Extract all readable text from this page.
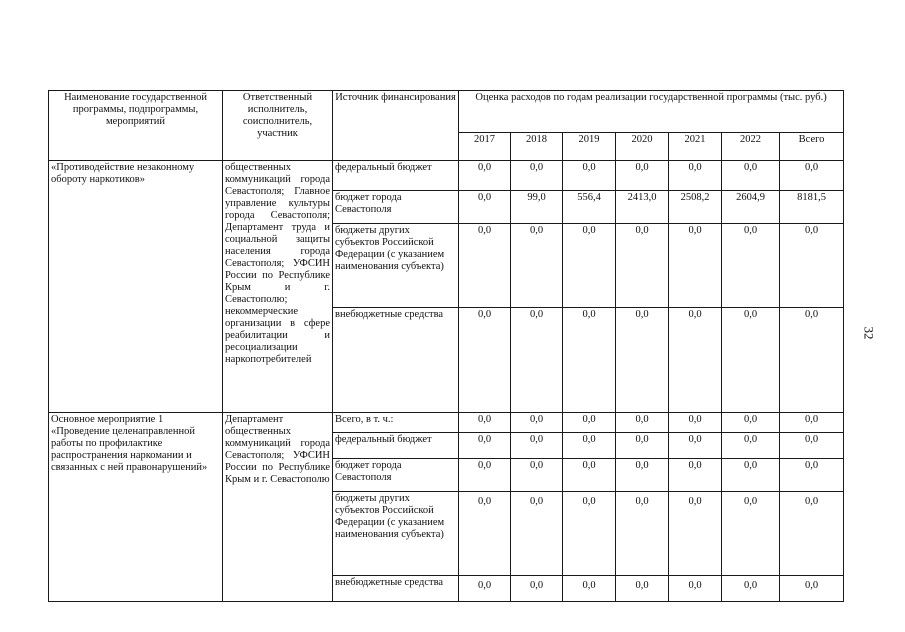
Наименование государственной программы, подпрограммы, мероприятий	Ответственный исполнитель, соисполнитель, участник	Источник финансирования	Оценка расходов по годам реализации государственной программы (тыс. руб.)						
			2017	2018	2019	2020	2021	2022	Всего
«Противодействие незаконному обороту наркотиков»	общественных коммуникаций города Севастополя; Главное управление культуры города Севастополя; Департамент труда и социальной защиты населения города Севастополя; УФСИН России по Республике Крым и г. Севастополю; некоммерческие организации в сфере реабилитации и ресоциализации наркопотребителей	федеральный бюджет	0,0	0,0	0,0	0,0	0,0	0,0	0,0
		бюджет города Севастополя	0,0	99,0	556,4	2413,0	2508,2	2604,9	8181,5
		бюджеты других субъектов Российской Федерации (с указанием наименования субъекта)	0,0	0,0	0,0	0,0	0,0	0,0	0,0
		внебюджетные средства	0,0	0,0	0,0	0,0	0,0	0,0	0,0
Основное мероприятие 1 «Проведение целенаправленной работы по профилактике распространения наркомании и связанных с ней правонарушений»	Департамент общественных коммуникаций города Севастополя; УФСИН России по Республике Крым и г. Севастополю	Всего, в т. ч.:	0,0	0,0	0,0	0,0	0,0	0,0	0,0
		федеральный бюджет	0,0	0,0	0,0	0,0	0,0	0,0	0,0
		бюджет города Севастополя	0,0	0,0	0,0	0,0	0,0	0,0	0,0
		бюджеты других субъектов Российской Федерации (с указанием наименования субъекта)	0,0	0,0	0,0	0,0	0,0	0,0	0,0
		внебюджетные средства	0,0	0,0	0,0	0,0	0,0	0,0	0,0
32
